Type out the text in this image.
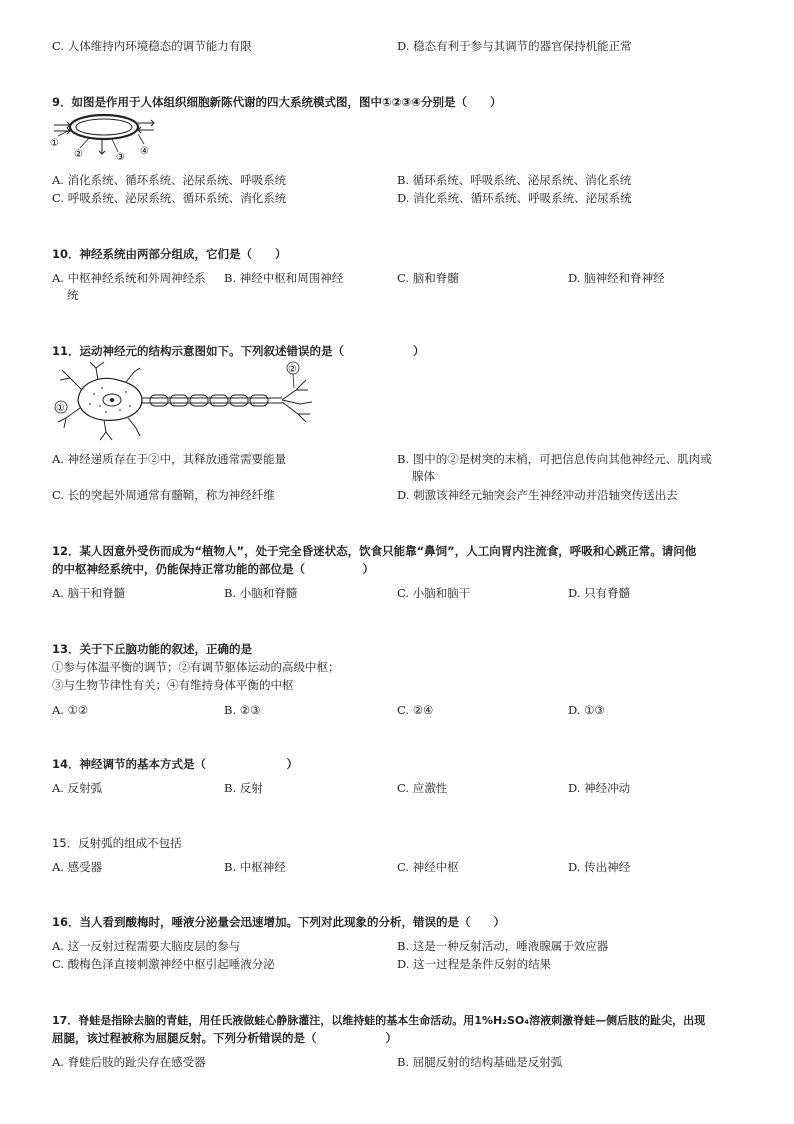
C. 人体维持内环境稳态的调节能力有限	D. 稳态有利于参与其调节的器官保持机能正常
9．如图是作用于人体组织细胞新陈代谢的四大系统模式图，图中①②③④分别是（　　）
①
②	③
④
A. 消化系统、循环系统、泌尿系统、呼吸系统	B. 循环系统、呼吸系统、泌尿系统、消化系统
C. 呼吸系统、泌尿系统、循环系统、消化系统	D. 消化系统、循环系统、呼吸系统、泌尿系统
10．神经系统由两部分组成，它们是（　　）
A. 中枢神经系统和外周神经系
统
B. 神经中枢和周围神经	C. 脑和脊髓	D. 脑神经和脊神经
11．运动神经元的结构示意图如下。下列叙述错误的是（　　　　　　）
①
②
A. 神经递质存在于②中，其释放通常需要能量	B. 图中的②是树突的末梢，可把信息传向其他神经元、肌肉或
腺体
C. 长的突起外周通常有髓鞘，称为神经纤维	D. 刺激该神经元轴突会产生神经冲动并沿轴突传送出去
12．某人因意外受伤而成为“植物人”，处于完全昏迷状态，饮食只能靠“鼻饲”，人工向胃内注流食，呼吸和心跳正常。请问他
的中枢神经系统中，仍能保持正常功能的部位是（　　　　　）
A. 脑干和脊髓	B. 小脑和脊髓	C. 小脑和脑干	D. 只有脊髓
13．关于下丘脑功能的叙述，正确的是
①参与体温平衡的调节；②有调节躯体运动的高级中枢；
③与生物节律性有关；④有维持身体平衡的中枢
A. ①②	B. ②③	C. ②④	D. ①③
14．神经调节的基本方式是（　　　　　　　）
A. 反射弧	B. 反射	C. 应激性	D. 神经冲动
15．反射弧的组成不包括
A. 感受器	B. 中枢神经	C. 神经中枢	D. 传出神经
16．当人看到酸梅时，唾液分泌量会迅速增加。下列对此现象的分析，错误的是（　　）
A. 这一反射过程需要大脑皮层的参与	B. 这是一种反射活动，唾液腺属于效应器
C. 酸梅色泽直接刺激神经中枢引起唾液分泌	D. 这一过程是条件反射的结果
17．脊蛙是指除去脑的青蛙，用任氏液做蛙心静脉灌注，以维持蛙的基本生命活动。用1%H₂SO₄溶液刺激脊蛙—侧后肢的趾尖，出现
屈腿，该过程被称为屈腿反射。下列分析错误的是（　　　　　　）
A. 脊蛙后肢的趾尖存在感受器	B. 屈腿反射的结构基础是反射弧
